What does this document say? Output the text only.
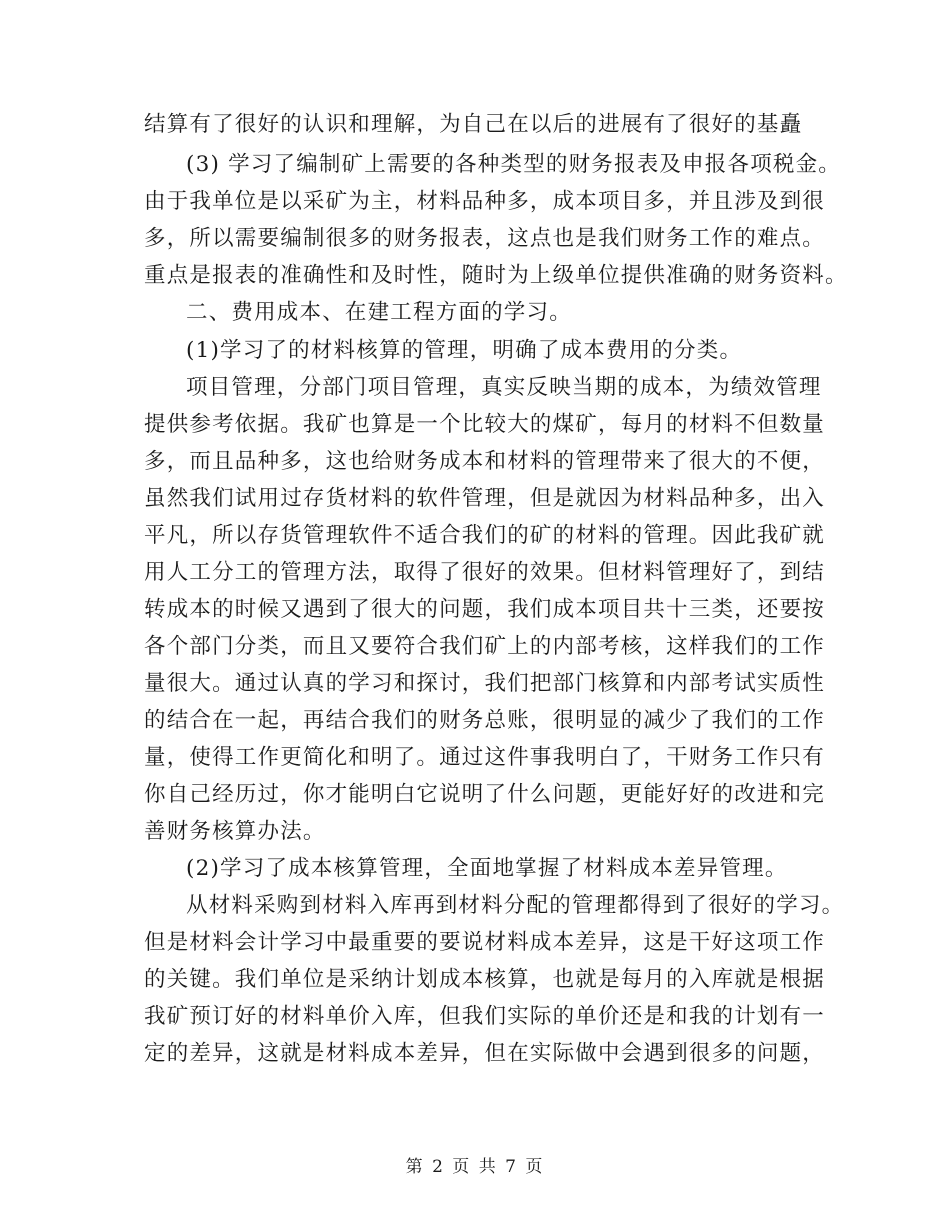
结算有了很好的认识和理解，为自己在以后的进展有了很好的基矗
(3) 学习了编制矿上需要的各种类型的财务报表及申报各项税金。
由于我单位是以采矿为主，材料品种多，成本项目多，并且涉及到很
多，所以需要编制很多的财务报表，这点也是我们财务工作的难点。
重点是报表的准确性和及时性，随时为上级单位提供准确的财务资料。
二、费用成本、在建工程方面的学习。
(1)学习了的材料核算的管理，明确了成本费用的分类。
项目管理，分部门项目管理，真实反映当期的成本，为绩效管理
提供参考依据。我矿也算是一个比较大的煤矿，每月的材料不但数量
多，而且品种多，这也给财务成本和材料的管理带来了很大的不便，
虽然我们试用过存货材料的软件管理，但是就因为材料品种多，出入
平凡，所以存货管理软件不适合我们的矿的材料的管理。因此我矿就
用人工分工的管理方法，取得了很好的效果。但材料管理好了，到结
转成本的时候又遇到了很大的问题，我们成本项目共十三类，还要按
各个部门分类，而且又要符合我们矿上的内部考核，这样我们的工作
量很大。通过认真的学习和探讨，我们把部门核算和内部考试实质性
的结合在一起，再结合我们的财务总账，很明显的减少了我们的工作
量，使得工作更简化和明了。通过这件事我明白了，干财务工作只有
你自己经历过，你才能明白它说明了什么问题，更能好好的改进和完
善财务核算办法。
(2)学习了成本核算管理，全面地掌握了材料成本差异管理。
从材料采购到材料入库再到材料分配的管理都得到了很好的学习。
但是材料会计学习中最重要的要说材料成本差异，这是干好这项工作
的关键。我们单位是采纳计划成本核算，也就是每月的入库就是根据
我矿预订好的材料单价入库，但我们实际的单价还是和我的计划有一
定的差异，这就是材料成本差异，但在实际做中会遇到很多的问题，
第 2 页 共 7 页
